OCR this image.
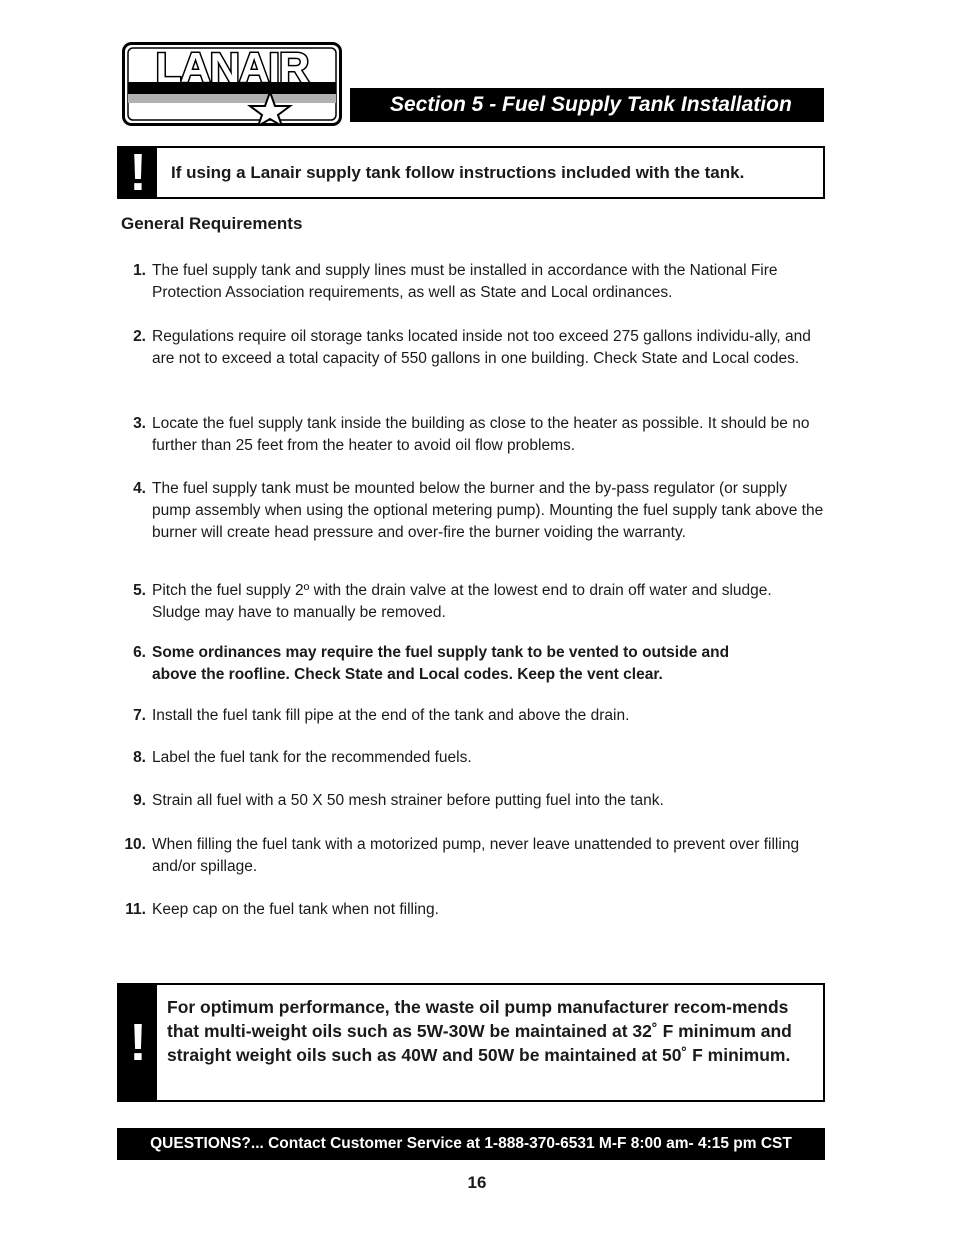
LANAIR
Section 5 - Fuel Supply Tank Installation
!	If using a Lanair supply tank follow instructions included with the tank.
General Requirements
1. The fuel supply tank and supply lines must be installed in accordance with the National Fire Protection Association requirements, as well as State and Local ordinances.
2. Regulations require oil storage tanks located inside not too exceed 275 gallons individu-ally, and are not to exceed a total capacity of 550 gallons in one building. Check State and Local codes.
3. Locate the fuel supply tank inside the building as close to the heater as possible. It should be no further than 25 feet from the heater to avoid oil flow problems.
4. The fuel supply tank must be mounted below the burner and the by-pass regulator (or supply pump assembly when using the optional metering pump). Mounting the fuel supply tank above the burner will create head pressure and over-fire the burner voiding the warranty.
5. Pitch the fuel supply 2º with the drain valve at the lowest end to drain off water and sludge. Sludge may have to manually be removed.
6. Some ordinances may require the fuel supply tank to be vented to outside and above the roofline. Check State and Local codes. Keep the vent clear.
7. Install the fuel tank fill pipe at the end of the tank and above the drain.
8. Label the fuel tank for the recommended fuels.
9. Strain all fuel with a 50 X 50 mesh strainer before putting fuel into the tank.
10. When filling the fuel tank with a motorized pump, never leave unattended to prevent over filling and/or spillage.
11. Keep cap on the fuel tank when not filling.
!
For optimum performance, the waste oil pump manufacturer recom-mends that multi-weight oils such as 5W-30W be maintained at 32˚ F minimum and straight weight oils such as 40W and 50W be maintained at 50˚ F minimum.
QUESTIONS?... Contact Customer Service at 1-888-370-6531 M-F 8:00 am- 4:15 pm CST
16
